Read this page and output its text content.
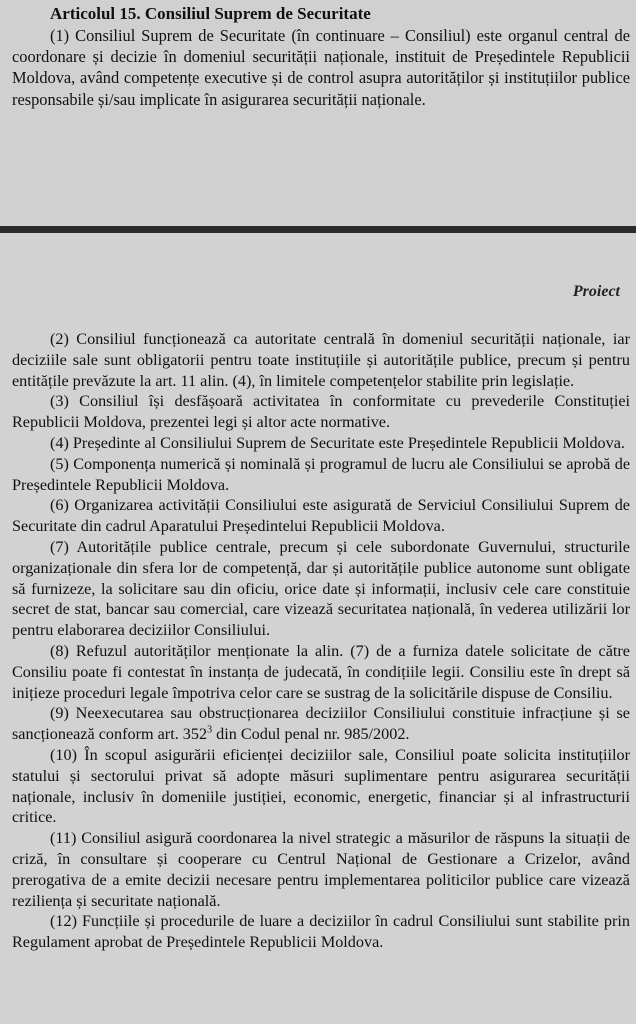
Articolul 15. Consiliul Suprem de Securitate

(1) Consiliul Suprem de Securitate (în continuare – Consiliul) este organul central de coordonare și decizie în domeniul securității naționale, instituit de Președintele Republicii Moldova, având competențe executive și de control asupra autorităților și instituțiilor publice responsabile și/sau implicate în asigurarea securității naționale.

Proiect

(2) Consiliul funcționează ca autoritate centrală în domeniul securității naționale, iar deciziile sale sunt obligatorii pentru toate instituțiile și autoritățile publice, precum și pentru entitățile prevăzute la art. 11 alin. (4), în limitele competențelor stabilite prin legislație.

(3) Consiliul își desfășoară activitatea în conformitate cu prevederile Constituției Republicii Moldova, prezentei legi și altor acte normative.

(4) Președinte al Consiliului Suprem de Securitate este Președintele Republicii Moldova.

(5) Componența numerică și nominală și programul de lucru ale Consiliului se aprobă de Președintele Republicii Moldova.

(6) Organizarea activității Consiliului este asigurată de Serviciul Consiliului Suprem de Securitate din cadrul Aparatului Președintelui Republicii Moldova.

(7) Autoritățile publice centrale, precum și cele subordonate Guvernului, structurile organizaționale din sfera lor de competență, dar și autoritățile publice autonome sunt obligate să furnizeze, la solicitare sau din oficiu, orice date și informații, inclusiv cele care constituie secret de stat, bancar sau comercial, care vizează securitatea națională, în vederea utilizării lor pentru elaborarea deciziilor Consiliului.

(8) Refuzul autorităților menționate la alin. (7) de a furniza datele solicitate de către Consiliu poate fi contestat în instanța de judecată, în condițiile legii. Consiliu este în drept să inițieze proceduri legale împotriva celor care se sustrag de la solicitările dispuse de Consiliu.

(9) Neexecutarea sau obstrucționarea deciziilor Consiliului constituie infracțiune și se sancționează conform art. $352^3$ din Codul penal nr. 985/2002.

(10) În scopul asigurării eficienței deciziilor sale, Consiliul poate solicita instituțiilor statului și sectorului privat să adopte măsuri suplimentare pentru asigurarea securității naționale, inclusiv în domeniile justiției, economic, energetic, financiar și al infrastructurii critice.

(11) Consiliul asigură coordonarea la nivel strategic a măsurilor de răspuns la situații de criză, în consultare și cooperare cu Centrul Național de Gestionare a Crizelor, având prerogativa de a emite decizii necesare pentru implementarea politicilor publice care vizează reziliența și securitate națională.

(12) Funcțiile și procedurile de luare a deciziilor în cadrul Consiliului sunt stabilite prin Regulament aprobat de Președintele Republicii Moldova.
